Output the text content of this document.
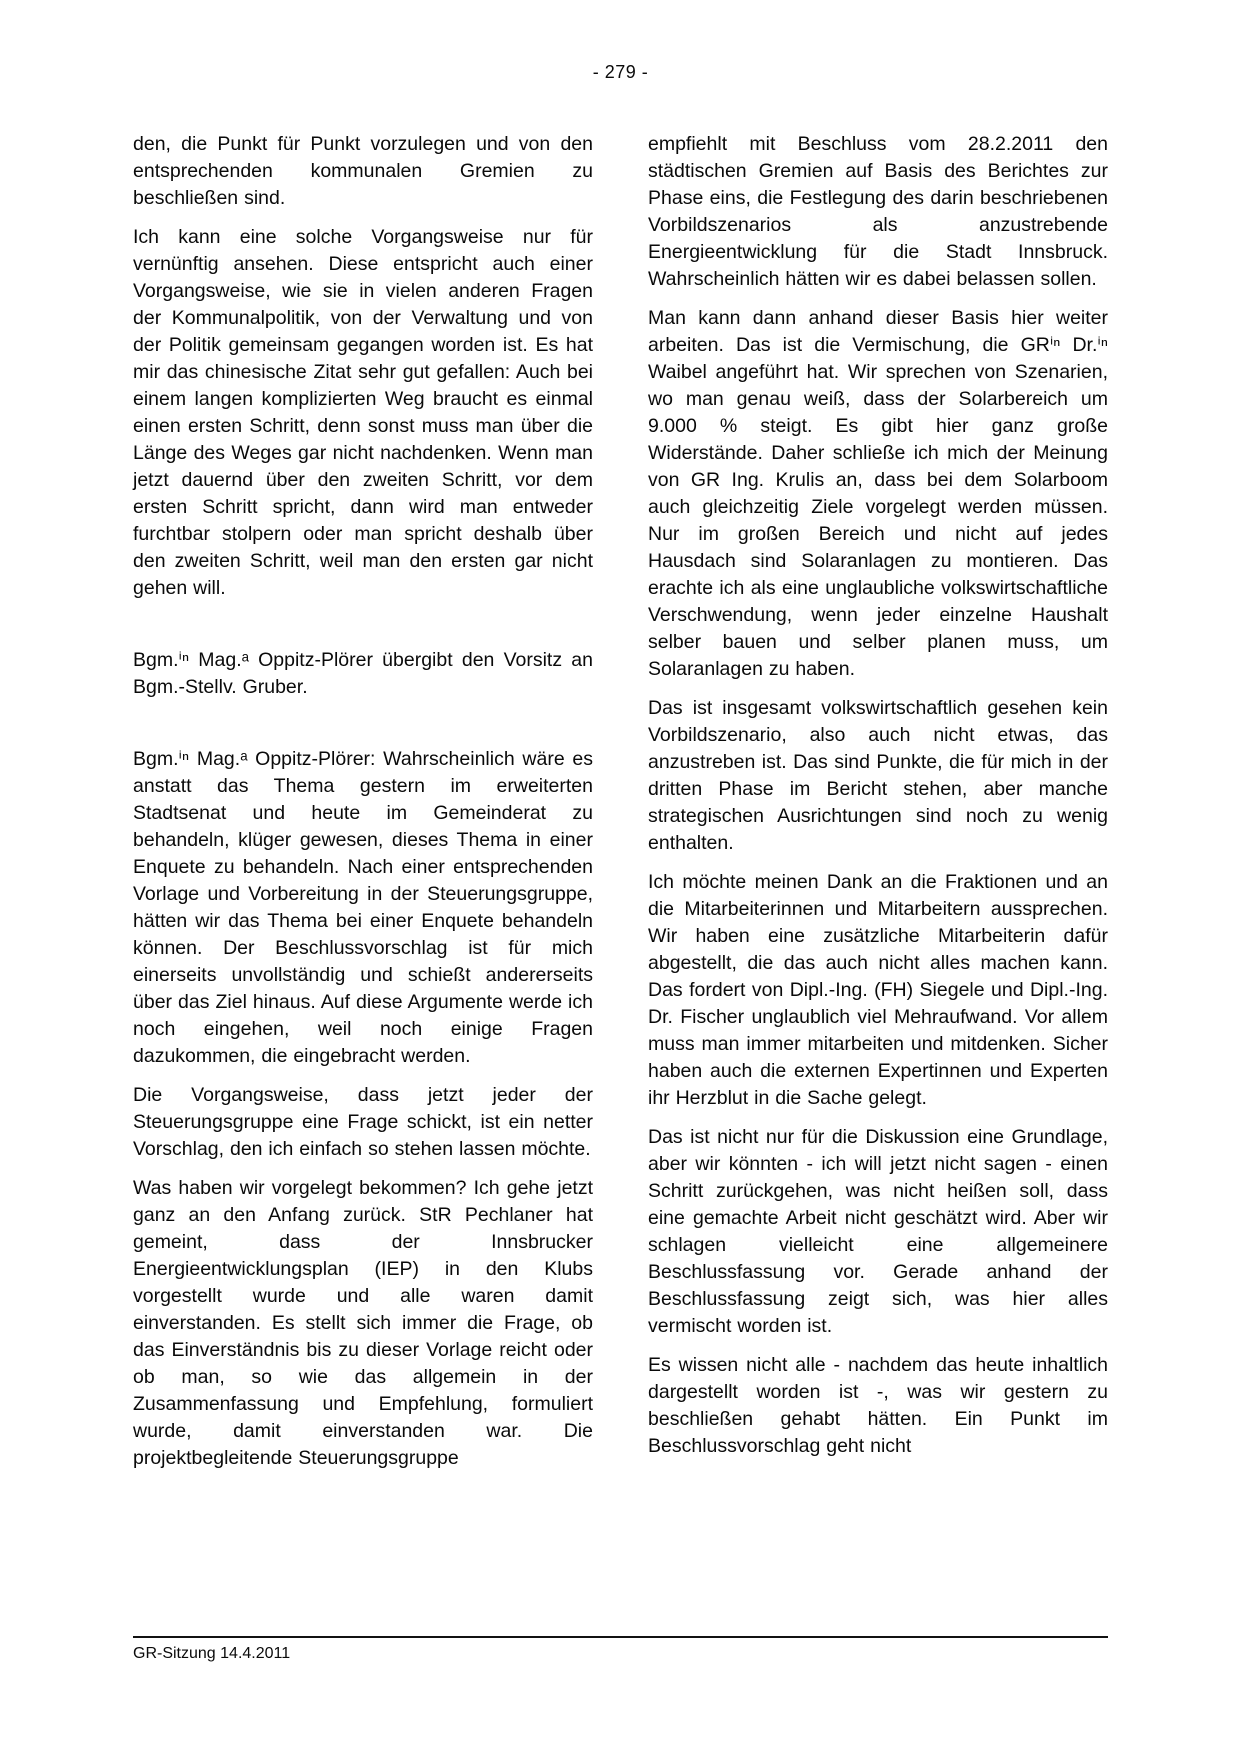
- 279 -

den, die Punkt für Punkt vorzulegen und von den entsprechenden kommunalen Gremien zu beschließen sind.

Ich kann eine solche Vorgangsweise nur für vernünftig ansehen. Diese entspricht auch einer Vorgangsweise, wie sie in vielen anderen Fragen der Kommunalpolitik, von der Verwaltung und von der Politik gemeinsam gegangen worden ist. Es hat mir das chinesische Zitat sehr gut gefallen: Auch bei einem langen komplizierten Weg braucht es einmal einen ersten Schritt, denn sonst muss man über die Länge des Weges gar nicht nachdenken. Wenn man jetzt dauernd über den zweiten Schritt, vor dem ersten Schritt spricht, dann wird man entweder furchtbar stolpern oder man spricht deshalb über den zweiten Schritt, weil man den ersten gar nicht gehen will.

Bgm.ⁱⁿ Mag.ᵃ Oppitz-Plörer übergibt den Vorsitz an Bgm.-Stellv. Gruber.

Bgm.ⁱⁿ Mag.ᵃ Oppitz-Plörer: Wahrscheinlich wäre es anstatt das Thema gestern im erweiterten Stadtsenat und heute im Gemeinderat zu behandeln, klüger gewesen, dieses Thema in einer Enquete zu behandeln. Nach einer entsprechenden Vorlage und Vorbereitung in der Steuerungsgruppe, hätten wir das Thema bei einer Enquete behandeln können. Der Beschlussvorschlag ist für mich einerseits unvollständig und schießt andererseits über das Ziel hinaus. Auf diese Argumente werde ich noch eingehen, weil noch einige Fragen dazukommen, die eingebracht werden.

Die Vorgangsweise, dass jetzt jeder der Steuerungsgruppe eine Frage schickt, ist ein netter Vorschlag, den ich einfach so stehen lassen möchte.

Was haben wir vorgelegt bekommen? Ich gehe jetzt ganz an den Anfang zurück. StR Pechlaner hat gemeint, dass der Innsbrucker Energieentwicklungsplan (IEP) in den Klubs vorgestellt wurde und alle waren damit einverstanden. Es stellt sich immer die Frage, ob das Einverständnis bis zu dieser Vorlage reicht oder ob man, so wie das allgemein in der Zusammenfassung und Empfehlung, formuliert wurde, damit einverstanden war. Die projektbegleitende Steuerungsgruppe

empfiehlt mit Beschluss vom 28.2.2011 den städtischen Gremien auf Basis des Berichtes zur Phase eins, die Festlegung des darin beschriebenen Vorbildszenarios als anzustrebende Energieentwicklung für die Stadt Innsbruck. Wahrscheinlich hätten wir es dabei belassen sollen.

Man kann dann anhand dieser Basis hier weiter arbeiten. Das ist die Vermischung, die GRⁱⁿ Dr.ⁱⁿ Waibel angeführt hat. Wir sprechen von Szenarien, wo man genau weiß, dass der Solarbereich um 9.000 % steigt. Es gibt hier ganz große Widerstände. Daher schließe ich mich der Meinung von GR Ing. Krulis an, dass bei dem Solarboom auch gleichzeitig Ziele vorgelegt werden müssen. Nur im großen Bereich und nicht auf jedes Hausdach sind Solaranlagen zu montieren. Das erachte ich als eine unglaubliche volkswirtschaftliche Verschwendung, wenn jeder einzelne Haushalt selber bauen und selber planen muss, um Solaranlagen zu haben.

Das ist insgesamt volkswirtschaftlich gesehen kein Vorbildszenario, also auch nicht etwas, das anzustreben ist. Das sind Punkte, die für mich in der dritten Phase im Bericht stehen, aber manche strategischen Ausrichtungen sind noch zu wenig enthalten.

Ich möchte meinen Dank an die Fraktionen und an die Mitarbeiterinnen und Mitarbeitern aussprechen. Wir haben eine zusätzliche Mitarbeiterin dafür abgestellt, die das auch nicht alles machen kann. Das fordert von Dipl.-Ing. (FH) Siegele und Dipl.-Ing. Dr. Fischer unglaublich viel Mehraufwand. Vor allem muss man immer mitarbeiten und mitdenken. Sicher haben auch die externen Expertinnen und Experten ihr Herzblut in die Sache gelegt.

Das ist nicht nur für die Diskussion eine Grundlage, aber wir könnten - ich will jetzt nicht sagen - einen Schritt zurückgehen, was nicht heißen soll, dass eine gemachte Arbeit nicht geschätzt wird. Aber wir schlagen vielleicht eine allgemeinere Beschlussfassung vor. Gerade anhand der Beschlussfassung zeigt sich, was hier alles vermischt worden ist.

Es wissen nicht alle - nachdem das heute inhaltlich dargestellt worden ist -, was wir gestern zu beschließen gehabt hätten. Ein Punkt im Beschlussvorschlag geht nicht

GR-Sitzung 14.4.2011
